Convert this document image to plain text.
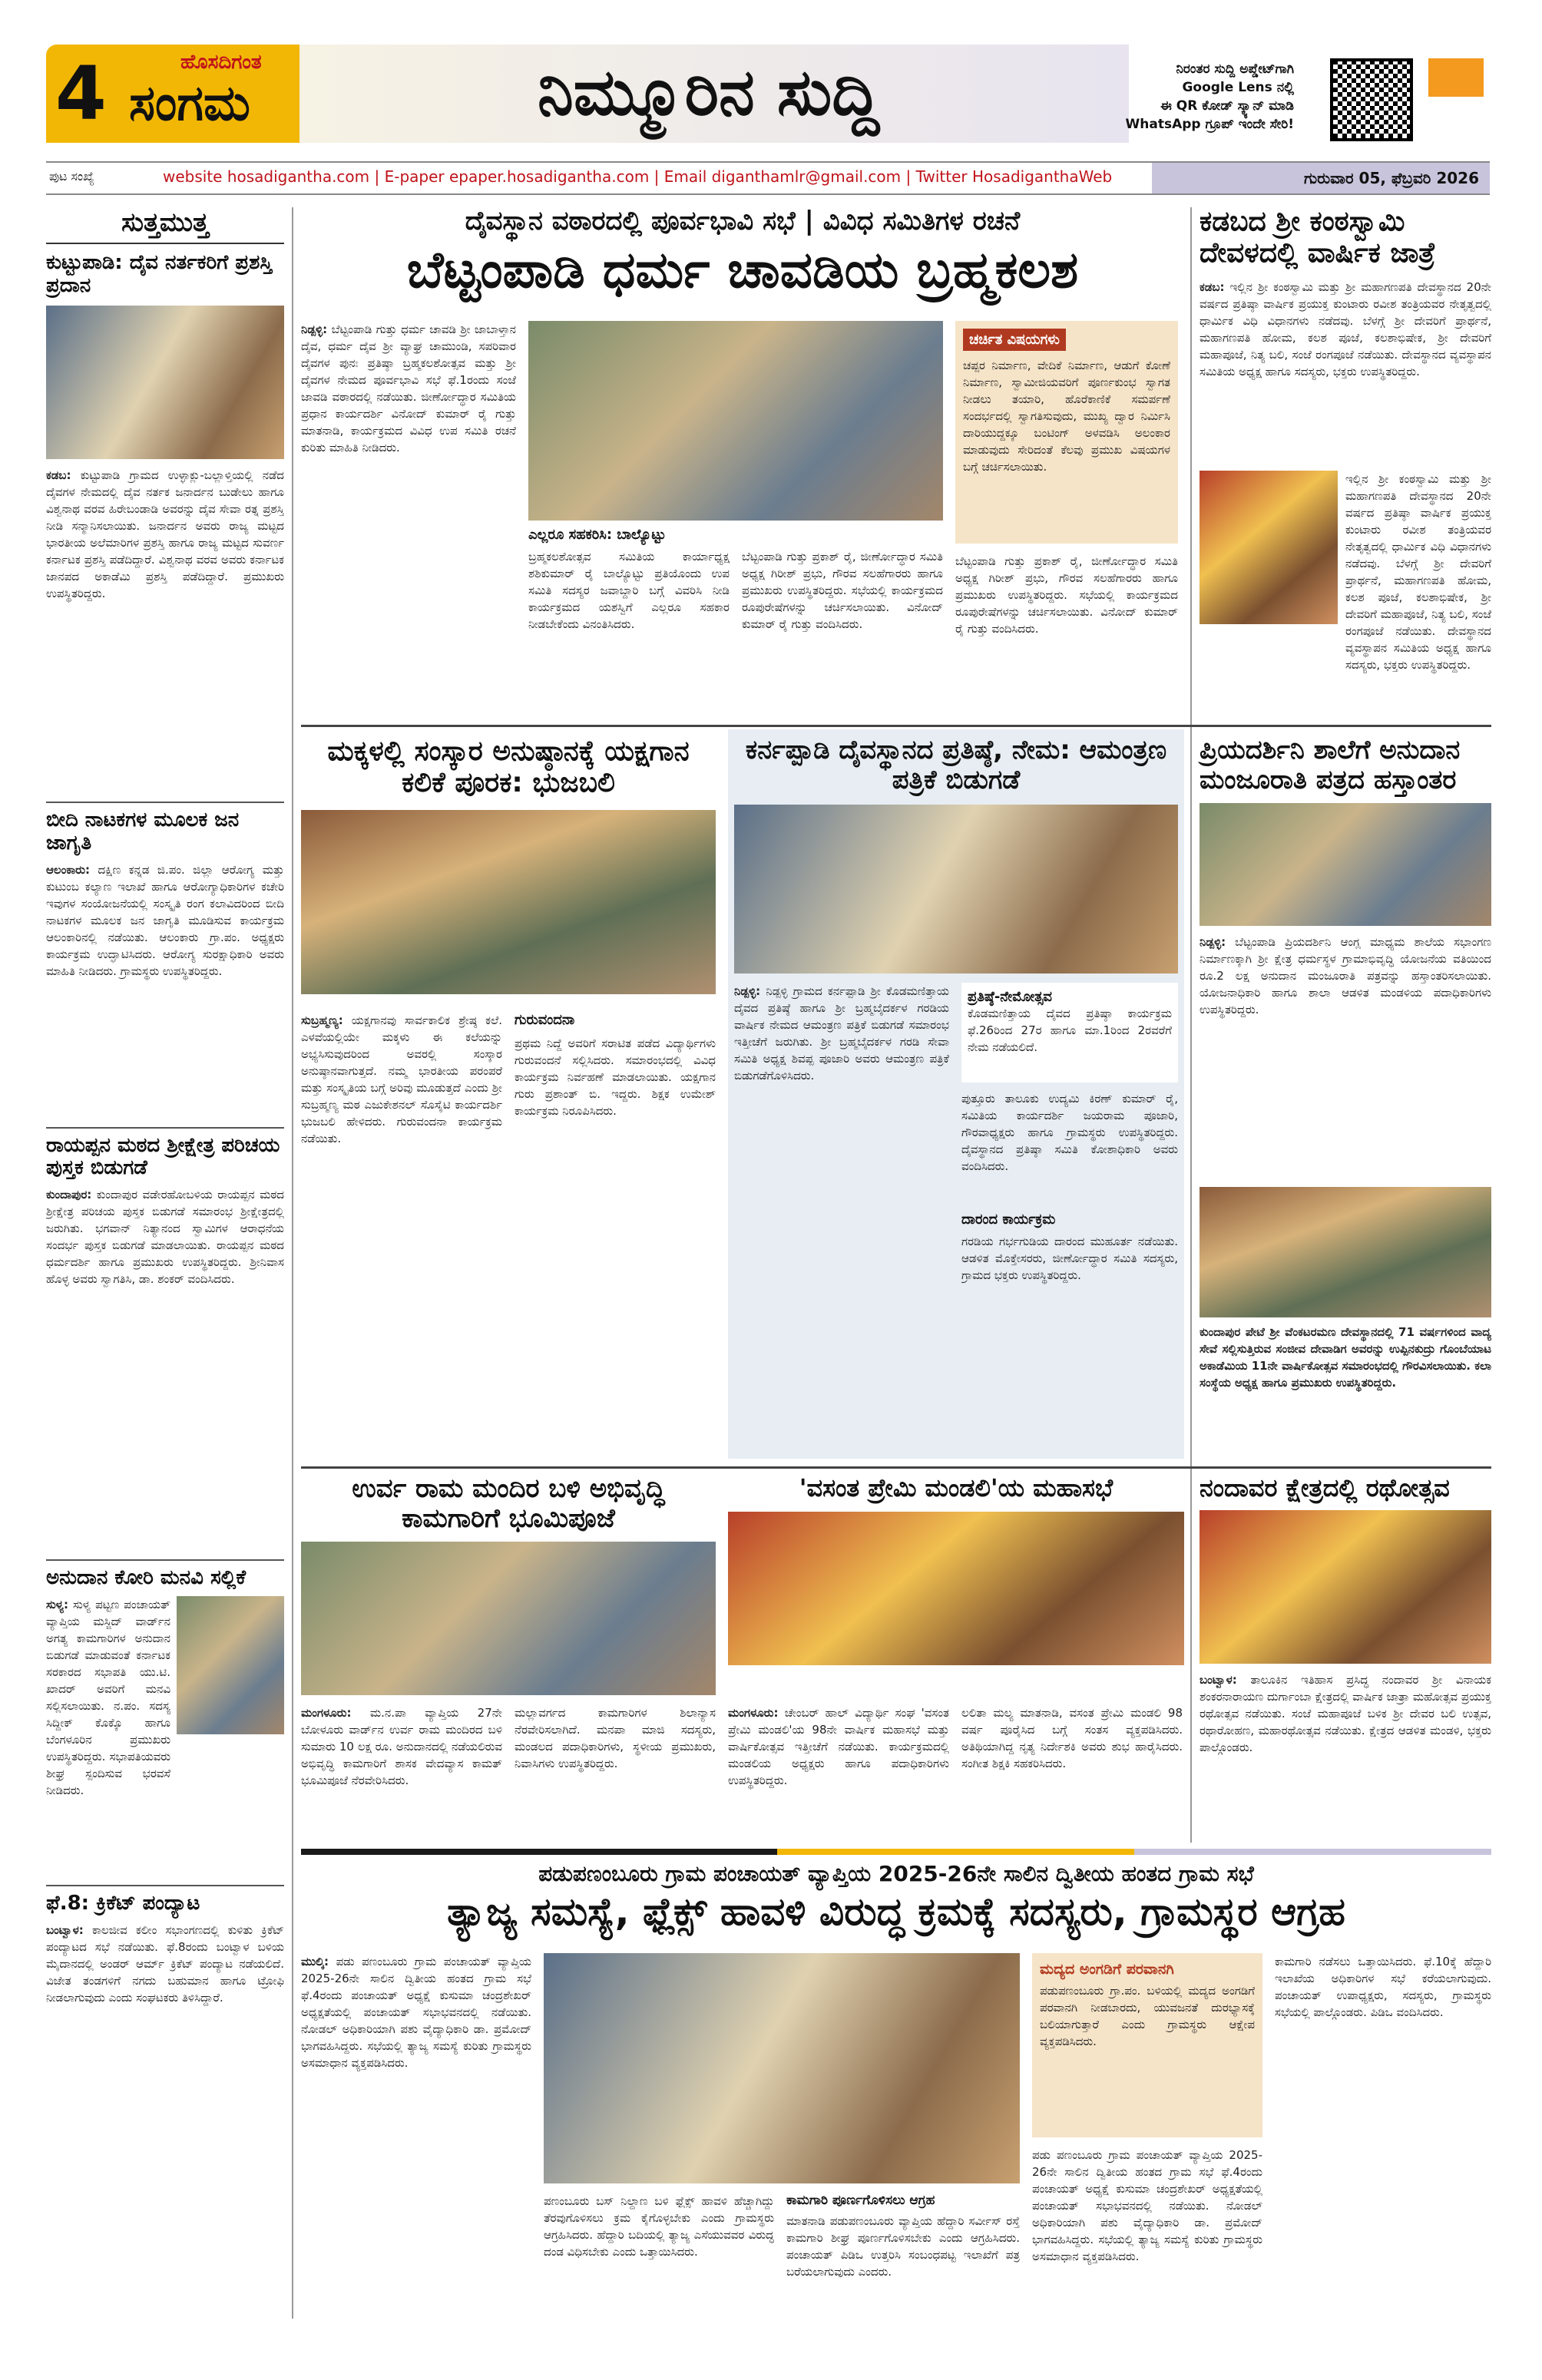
4	ಹೊಸದಿಗಂತ
ಸಂಗಮ	ನಿಮ್ಮೂರಿನ ಸುದ್ದಿ	ನಿರಂತರ ಸುದ್ದಿ ಅಪ್ಡೇಟ್‌ಗಾಗಿ
Google Lens ನಲ್ಲಿ
ಈ QR ಕೋಡ್ ಸ್ಕ್ಯಾನ್ ಮಾಡಿ
WhatsApp ಗ್ರೂಪ್ ಇಂದೇ ಸೇರಿ!
ಪುಟ ಸಂಖ್ಯೆ	website hosadigantha.com | E-paper epaper.hosadigantha.com | Email diganthamlr@gmail.com | Twitter HosadiganthaWeb	ಗುರುವಾರ 05, ಫೆಬ್ರವರಿ 2026
ಸುತ್ತಮುತ್ತ
ಕುಟ್ಟುಪಾಡಿ: ದೈವ ನರ್ತಕರಿಗೆ ಪ್ರಶಸ್ತಿ ಪ್ರದಾನ
ಕಡಬ: ಕುಟ್ಟುಪಾಡಿ ಗ್ರಾಮದ ಉಳ್ಳಾಕ್ಲು-ಬಲ್ಲಾಳ್ತಿಯಲ್ಲಿ ನಡೆದ ದೈವಗಳ ನೇಮದಲ್ಲಿ ದೈವ ನರ್ತಕ ಜನಾರ್ದನ ಬುಡೇಲು ಹಾಗೂ ವಿಶ್ವನಾಥ ವರವ ಹಿರೇಬಂಡಾಡಿ ಅವರನ್ನು ದೈವ ಸೇವಾ ರತ್ನ ಪ್ರಶಸ್ತಿ ನೀಡಿ ಸನ್ಮಾನಿಸಲಾಯಿತು. ಜನಾರ್ದನ ಅವರು ರಾಜ್ಯ ಮಟ್ಟದ ಭಾರತೀಯ ಅಲೆಮಾರಿಗಳ ಪ್ರಶಸ್ತಿ ಹಾಗೂ ರಾಜ್ಯ ಮಟ್ಟದ ಸುವರ್ಣ ಕರ್ನಾಟಕ ಪ್ರಶಸ್ತಿ ಪಡೆದಿದ್ದಾರೆ. ವಿಶ್ವನಾಥ ವರವ ಅವರು ಕರ್ನಾಟಕ ಜಾನಪದ ಅಕಾಡೆಮಿ ಪ್ರಶಸ್ತಿ ಪಡೆದಿದ್ದಾರೆ. ಪ್ರಮುಖರು ಉಪಸ್ಥಿತರಿದ್ದರು.
ಬೀದಿ ನಾಟಕಗಳ ಮೂಲಕ ಜನ ಜಾಗೃತಿ
ಆಲಂಕಾರು: ದಕ್ಷಿಣ ಕನ್ನಡ ಜಿ.ಪಂ. ಜಿಲ್ಲಾ ಆರೋಗ್ಯ ಮತ್ತು ಕುಟುಂಬ ಕಲ್ಯಾಣ ಇಲಾಖೆ ಹಾಗೂ ಆರೋಗ್ಯಾಧಿಕಾರಿಗಳ ಕಚೇರಿ ಇವುಗಳ ಸಂಯೋಜನೆಯಲ್ಲಿ ಸಂಸ್ಕೃತಿ ರಂಗ ಕಲಾವಿದರಿಂದ ಬೀದಿ ನಾಟಕಗಳ ಮೂಲಕ ಜನ ಜಾಗೃತಿ ಮೂಡಿಸುವ ಕಾರ್ಯಕ್ರಮ ಆಲಂಕಾರಿನಲ್ಲಿ ನಡೆಯಿತು. ಆಲಂಕಾರು ಗ್ರಾ.ಪಂ. ಅಧ್ಯಕ್ಷರು ಕಾರ್ಯಕ್ರಮ ಉದ್ಘಾಟಿಸಿದರು. ಆರೋಗ್ಯ ಸುರಕ್ಷಾಧಿಕಾರಿ ಅವರು ಮಾಹಿತಿ ನೀಡಿದರು. ಗ್ರಾಮಸ್ಥರು ಉಪಸ್ಥಿತರಿದ್ದರು.
ರಾಯಪ್ಪನ ಮಠದ ಶ್ರೀಕ್ಷೇತ್ರ ಪರಿಚಯ ಪುಸ್ತಕ ಬಿಡುಗಡೆ
ಕುಂದಾಪುರ: ಕುಂದಾಪುರ ವಡೇರಹೋಬಳಿಯ ರಾಯಪ್ಪನ ಮಠದ ಶ್ರೀಕ್ಷೇತ್ರ ಪರಿಚಯ ಪುಸ್ತಕ ಬಿಡುಗಡೆ ಸಮಾರಂಭ ಶ್ರೀಕ್ಷೇತ್ರದಲ್ಲಿ ಜರುಗಿತು. ಭಗವಾನ್ ನಿತ್ಯಾನಂದ ಸ್ವಾಮಿಗಳ ಆರಾಧನೆಯ ಸಂದರ್ಭ ಪುಸ್ತಕ ಬಿಡುಗಡೆ ಮಾಡಲಾಯಿತು. ರಾಯಪ್ಪನ ಮಠದ ಧರ್ಮದರ್ಶಿ ಹಾಗೂ ಪ್ರಮುಖರು ಉಪಸ್ಥಿತರಿದ್ದರು. ಶ್ರೀನಿವಾಸ ಹೊಳ್ಳ ಅವರು ಸ್ವಾಗತಿಸಿ, ಡಾ. ಶಂಕರ್ ವಂದಿಸಿದರು.
ಅನುದಾನ ಕೋರಿ ಮನವಿ ಸಲ್ಲಿಕೆ
ಸುಳ್ಯ: ಸುಳ್ಯ ಪಟ್ಟಣ ಪಂಚಾಯತ್ ವ್ಯಾಪ್ತಿಯ ಮಸ್ಜಿದ್ ವಾರ್ಡ್‌ನ ಅಗತ್ಯ ಕಾಮಗಾರಿಗಳ ಅನುದಾನ ಬಿಡುಗಡೆ ಮಾಡುವಂತೆ ಕರ್ನಾಟಕ ಸರಕಾರದ ಸಭಾಪತಿ ಯು.ಟಿ. ಖಾದರ್ ಅವರಿಗೆ ಮನವಿ ಸಲ್ಲಿಸಲಾಯಿತು. ನ.ಪಂ. ಸದಸ್ಯ ಸಿದ್ದೀಕ್ ಕೊಕ್ಕೊ ಹಾಗೂ ಬೆಂಗಳೂರಿನ ಪ್ರಮುಖರು ಉಪಸ್ಥಿತರಿದ್ದರು. ಸಭಾಪತಿಯವರು ಶೀಘ್ರ ಸ್ಪಂದಿಸುವ ಭರವಸೆ ನೀಡಿದರು.
ಫೆ.8: ಕ್ರಿಕೆಟ್ ಪಂದ್ಯಾಟ
ಬಂಟ್ವಾಳ: ಕಾಲಜೀವ ಕಲೀಂ ಸಭಾಂಗಣದಲ್ಲಿ ಕುಳಿತು ಕ್ರಿಕೆಟ್ ಪಂದ್ಯಾಟದ ಸಭೆ ನಡೆಯಿತು. ಫೆ.8ರಂದು ಬಂಟ್ವಾಳ ಬಳಿಯ ಮೈದಾನದಲ್ಲಿ ಅಂಡರ್ ಆರ್ಮ್ ಕ್ರಿಕೆಟ್ ಪಂದ್ಯಾಟ ನಡೆಯಲಿದೆ. ವಿಜೇತ ತಂಡಗಳಿಗೆ ನಗದು ಬಹುಮಾನ ಹಾಗೂ ಟ್ರೋಫಿ ನೀಡಲಾಗುವುದು ಎಂದು ಸಂಘಟಕರು ತಿಳಿಸಿದ್ದಾರೆ.
ದೈವಸ್ಥಾನ ವಠಾರದಲ್ಲಿ ಪೂರ್ವಭಾವಿ ಸಭೆ | ವಿವಿಧ ಸಮಿತಿಗಳ ರಚನೆ
ಬೆಟ್ಟಂಪಾಡಿ ಧರ್ಮ ಚಾವಡಿಯ ಬ್ರಹ್ಮಕಲಶ
ನಿಡ್ಪಳ್ಳಿ: ಬೆಟ್ಟಂಪಾಡಿ ಗುತ್ತು ಧರ್ಮ ಚಾವಡಿ ಶ್ರೀ ಜಾಬಾಳ್ತಾನ ದೈವ, ಧರ್ಮ ದೈವ ಶ್ರೀ ವ್ಯಾಘ್ರ ಚಾಮುಂಡಿ, ಸಪರಿವಾರ ದೈವಗಳ ಪುನಃ ಪ್ರತಿಷ್ಠಾ ಬ್ರಹ್ಮಕಲಶೋತ್ಸವ ಮತ್ತು ಶ್ರೀ ದೈವಗಳ ನೇಮದ ಪೂರ್ವಭಾವಿ ಸಭೆ ಫೆ.1ರಂದು ಸಂಜೆ ಜಾವಡಿ ವಠಾರದಲ್ಲಿ ನಡೆಯಿತು. ಜೀರ್ಣೋದ್ಧಾರ ಸಮಿತಿಯ ಪ್ರಧಾನ ಕಾರ್ಯದರ್ಶಿ ವಿನೋದ್ ಕುಮಾರ್ ರೈ ಗುತ್ತು ಮಾತನಾಡಿ, ಕಾರ್ಯಕ್ರಮದ ವಿವಿಧ ಉಪ ಸಮಿತಿ ರಚನೆ ಕುರಿತು ಮಾಹಿತಿ ನೀಡಿದರು.
ಎಲ್ಲರೂ ಸಹಕರಿಸಿ: ಬಾಲ್ಯೊಟ್ಟು
ಬ್ರಹ್ಮಕಲಶೋತ್ಸವ ಸಮಿತಿಯ ಕಾರ್ಯಾಧ್ಯಕ್ಷ ಶಶಿಕುಮಾರ್ ರೈ ಬಾಲ್ಯೊಟ್ಟು ಪ್ರತಿಯೊಂದು ಉಪ ಸಮಿತಿ ಸದಸ್ಯರ ಜವಾಬ್ದಾರಿ ಬಗ್ಗೆ ವಿವರಿಸಿ ನೀಡಿ ಕಾರ್ಯಕ್ರಮದ ಯಶಸ್ವಿಗೆ ಎಲ್ಲರೂ ಸಹಕಾರ ನೀಡಬೇಕೆಂದು ವಿನಂತಿಸಿದರು.
ಬೆಟ್ಟಂಪಾಡಿ ಗುತ್ತು ಪ್ರಕಾಶ್ ರೈ, ಜೀರ್ಣೋದ್ಧಾರ ಸಮಿತಿ ಅಧ್ಯಕ್ಷ ಗಿರೀಶ್ ಪ್ರಭು, ಗೌರವ ಸಲಹೆಗಾರರು ಹಾಗೂ ಪ್ರಮುಖರು ಉಪಸ್ಥಿತರಿದ್ದರು. ಸಭೆಯಲ್ಲಿ ಕಾರ್ಯಕ್ರಮದ ರೂಪುರೇಷೆಗಳನ್ನು ಚರ್ಚಿಸಲಾಯಿತು. ವಿನೋದ್ ಕುಮಾರ್ ರೈ ಗುತ್ತು ವಂದಿಸಿದರು.
ಚರ್ಚಿತ ವಿಷಯಗಳು
ಚಪ್ಪರ ನಿರ್ಮಾಣ, ವೇದಿಕೆ ನಿರ್ಮಾಣ, ಆಡುಗೆ ಕೋಣೆ ನಿರ್ಮಾಣ, ಸ್ವಾಮೀಜಿಯವರಿಗೆ ಪೂರ್ಣಕುಂಭ ಸ್ವಾಗತ ನೀಡಲು ತಯಾರಿ, ಹೊರೆಕಾಣಿಕೆ ಸಮರ್ಪಣೆ ಸಂದರ್ಭದಲ್ಲಿ ಸ್ವಾಗತಿಸುವುದು, ಮುಖ್ಯ ದ್ವಾರ ನಿರ್ಮಿಸಿ ದಾರಿಯುದ್ದಕ್ಕೂ ಬಂಟಿಂಗ್ ಅಳವಡಿಸಿ ಅಲಂಕಾರ ಮಾಡುವುದು ಸೇರಿದಂತೆ ಕೆಲವು ಪ್ರಮುಖ ವಿಷಯಗಳ ಬಗ್ಗೆ ಚರ್ಚಿಸಲಾಯಿತು.
ಬೆಟ್ಟಂಪಾಡಿ ಗುತ್ತು ಪ್ರಕಾಶ್ ರೈ, ಜೀರ್ಣೋದ್ಧಾರ ಸಮಿತಿ ಅಧ್ಯಕ್ಷ ಗಿರೀಶ್ ಪ್ರಭು, ಗೌರವ ಸಲಹೆಗಾರರು ಹಾಗೂ ಪ್ರಮುಖರು ಉಪಸ್ಥಿತರಿದ್ದರು. ಸಭೆಯಲ್ಲಿ ಕಾರ್ಯಕ್ರಮದ ರೂಪುರೇಷೆಗಳನ್ನು ಚರ್ಚಿಸಲಾಯಿತು. ವಿನೋದ್ ಕುಮಾರ್ ರೈ ಗುತ್ತು ವಂದಿಸಿದರು.
ಕಡಬದ ಶ್ರೀ ಕಂಠಸ್ವಾಮಿ ದೇವಳದಲ್ಲಿ ವಾರ್ಷಿಕ ಜಾತ್ರೆ
ಕಡಬ: ಇಲ್ಲಿನ ಶ್ರೀ ಕಂಠಸ್ವಾಮಿ ಮತ್ತು ಶ್ರೀ ಮಹಾಗಣಪತಿ ದೇವಸ್ಥಾನದ 20ನೇ ವರ್ಷದ ಪ್ರತಿಷ್ಠಾ ವಾರ್ಷಿಕ ಪ್ರಯುಕ್ತ ಕುಂಟಾರು ರವೀಶ ತಂತ್ರಿಯವರ ನೇತೃತ್ವದಲ್ಲಿ ಧಾರ್ಮಿಕ ವಿಧಿ ವಿಧಾನಗಳು ನಡೆದವು. ಬೆಳಗ್ಗೆ ಶ್ರೀ ದೇವರಿಗೆ ಪ್ರಾರ್ಥನೆ, ಮಹಾಗಣಪತಿ ಹೋಮ, ಕಲಶ ಪೂಜೆ, ಕಲಶಾಭಿಷೇಕ, ಶ್ರೀ ದೇವರಿಗೆ ಮಹಾಪೂಜೆ, ನಿತ್ಯ ಬಲಿ, ಸಂಜೆ ರಂಗಪೂಜೆ ನಡೆಯಿತು. ದೇವಸ್ಥಾನದ ವ್ಯವಸ್ಥಾಪನ ಸಮಿತಿಯ ಅಧ್ಯಕ್ಷ ಹಾಗೂ ಸದಸ್ಯರು, ಭಕ್ತರು ಉಪಸ್ಥಿತರಿದ್ದರು.
ಇಲ್ಲಿನ ಶ್ರೀ ಕಂಠಸ್ವಾಮಿ ಮತ್ತು ಶ್ರೀ ಮಹಾಗಣಪತಿ ದೇವಸ್ಥಾನದ 20ನೇ ವರ್ಷದ ಪ್ರತಿಷ್ಠಾ ವಾರ್ಷಿಕ ಪ್ರಯುಕ್ತ ಕುಂಟಾರು ರವೀಶ ತಂತ್ರಿಯವರ ನೇತೃತ್ವದಲ್ಲಿ ಧಾರ್ಮಿಕ ವಿಧಿ ವಿಧಾನಗಳು ನಡೆದವು. ಬೆಳಗ್ಗೆ ಶ್ರೀ ದೇವರಿಗೆ ಪ್ರಾರ್ಥನೆ, ಮಹಾಗಣಪತಿ ಹೋಮ, ಕಲಶ ಪೂಜೆ, ಕಲಶಾಭಿಷೇಕ, ಶ್ರೀ ದೇವರಿಗೆ ಮಹಾಪೂಜೆ, ನಿತ್ಯ ಬಲಿ, ಸಂಜೆ ರಂಗಪೂಜೆ ನಡೆಯಿತು. ದೇವಸ್ಥಾನದ ವ್ಯವಸ್ಥಾಪನ ಸಮಿತಿಯ ಅಧ್ಯಕ್ಷ ಹಾಗೂ ಸದಸ್ಯರು, ಭಕ್ತರು ಉಪಸ್ಥಿತರಿದ್ದರು.
ಮಕ್ಕಳಲ್ಲಿ ಸಂಸ್ಕಾರ ಅನುಷ್ಠಾನಕ್ಕೆ ಯಕ್ಷಗಾನ ಕಲಿಕೆ ಪೂರಕ: ಭುಜಬಲಿ
ಸುಬ್ರಹ್ಮಣ್ಯ: ಯಕ್ಷಗಾನವು ಸಾರ್ವಕಾಲಿಕ ಶ್ರೇಷ್ಠ ಕಲೆ. ಎಳವೆಯಲ್ಲಿಯೇ ಮಕ್ಕಳು ಈ ಕಲೆಯನ್ನು ಅಭ್ಯಸಿಸುವುದರಿಂದ ಅವರಲ್ಲಿ ಸಂಸ್ಕಾರ ಅನುಷ್ಠಾನವಾಗುತ್ತದೆ. ನಮ್ಮ ಭಾರತೀಯ ಪರಂಪರೆ ಮತ್ತು ಸಂಸ್ಕೃತಿಯ ಬಗ್ಗೆ ಅರಿವು ಮೂಡುತ್ತದೆ ಎಂದು ಶ್ರೀ ಸುಬ್ರಹ್ಮಣ್ಯ ಮಠ ಎಜುಕೇಶನಲ್ ಸೊಸೈಟಿ ಕಾರ್ಯದರ್ಶಿ ಭುಜಬಲಿ ಹೇಳಿದರು. ಗುರುವಂದನಾ ಕಾರ್ಯಕ್ರಮ ನಡೆಯಿತು.
ಗುರುವಂದನಾ
ಪ್ರಥಮ ನಿದ್ದೆ ಅವರಿಗೆ ಸರಾಟಿತ ಪಡೆದ ವಿದ್ಯಾರ್ಥಿಗಳು ಗುರುವಂದನೆ ಸಲ್ಲಿಸಿದರು. ಸಮಾರಂಭದಲ್ಲಿ ವಿವಿಧ ಕಾರ್ಯಕ್ರಮ ನಿರ್ವಹಣೆ ಮಾಡಲಾಯಿತು. ಯಕ್ಷಗಾನ ಗುರು ಪ್ರಶಾಂತ್ ಬಿ. ಇದ್ದರು. ಶಿಕ್ಷಕ ಉಮೇಶ್ ಕಾರ್ಯಕ್ರಮ ನಿರೂಪಿಸಿದರು.
ಕರ್ನಪ್ಪಾಡಿ ದೈವಸ್ಥಾನದ ಪ್ರತಿಷ್ಠೆ, ನೇಮ: ಆಮಂತ್ರಣ ಪತ್ರಿಕೆ ಬಿಡುಗಡೆ
ನಿಡ್ಪಳ್ಳಿ: ನಿಡ್ಪಳ್ಳಿ ಗ್ರಾಮದ ಕರ್ನಪ್ಪಾಡಿ ಶ್ರೀ ಕೊಡಮಣಿತ್ತಾಯ ದೈವದ ಪ್ರತಿಷ್ಠೆ ಹಾಗೂ ಶ್ರೀ ಬ್ರಹ್ಮಬೈದರ್ಕಳ ಗರಡಿಯ ವಾರ್ಷಿಕ ನೇಮದ ಆಮಂತ್ರಣ ಪತ್ರಿಕೆ ಬಿಡುಗಡೆ ಸಮಾರಂಭ ಇತ್ತೀಚೆಗೆ ಜರುಗಿತು. ಶ್ರೀ ಬ್ರಹ್ಮಬೈದರ್ಕಳ ಗರಡಿ ಸೇವಾ ಸಮಿತಿ ಅಧ್ಯಕ್ಷ ಶಿವಪ್ಪ ಪೂಜಾರಿ ಅವರು ಆಮಂತ್ರಣ ಪತ್ರಿಕೆ ಬಿಡುಗಡೆಗೊಳಿಸಿದರು.
ಪ್ರತಿಷ್ಠೆ-ನೇಮೋತ್ಸವ
ಕೊಡಮಣಿತ್ತಾಯ ದೈವದ ಪ್ರತಿಷ್ಠಾ ಕಾರ್ಯಕ್ರಮ ಫೆ.26ರಿಂದ 27ರ ಹಾಗೂ ಮಾ.1ರಿಂದ 2ರವರೆಗೆ ನೇಮ ನಡೆಯಲಿದೆ.
ಪುತ್ತೂರು ತಾಲೂಕು ಉದ್ಯಮಿ ಕಿರಣ್ ಕುಮಾರ್ ರೈ, ಸಮಿತಿಯ ಕಾರ್ಯದರ್ಶಿ ಜಯರಾಮ ಪೂಜಾರಿ, ಗೌರವಾಧ್ಯಕ್ಷರು ಹಾಗೂ ಗ್ರಾಮಸ್ಥರು ಉಪಸ್ಥಿತರಿದ್ದರು. ದೈವಸ್ಥಾನದ ಪ್ರತಿಷ್ಠಾ ಸಮಿತಿ ಕೋಶಾಧಿಕಾರಿ ಅವರು ವಂದಿಸಿದರು.
ದಾರಂದ ಕಾರ್ಯಕ್ರಮ
ಗರಡಿಯ ಗರ್ಭಗುಡಿಯ ದಾರಂದ ಮುಹೂರ್ತ ನಡೆಯಿತು. ಆಡಳಿತ ಮೊಕ್ತೇಸರರು, ಜೀರ್ಣೋದ್ಧಾರ ಸಮಿತಿ ಸದಸ್ಯರು, ಗ್ರಾಮದ ಭಕ್ತರು ಉಪಸ್ಥಿತರಿದ್ದರು.
ಪ್ರಿಯದರ್ಶಿನಿ ಶಾಲೆಗೆ ಅನುದಾನ ಮಂಜೂರಾತಿ ಪತ್ರದ ಹಸ್ತಾಂತರ
ನಿಡ್ಪಳ್ಳಿ: ಬೆಟ್ಟಂಪಾಡಿ ಪ್ರಿಯದರ್ಶಿನಿ ಆಂಗ್ಲ ಮಾಧ್ಯಮ ಶಾಲೆಯ ಸಭಾಂಗಣ ನಿರ್ಮಾಣಕ್ಕಾಗಿ ಶ್ರೀ ಕ್ಷೇತ್ರ ಧರ್ಮಸ್ಥಳ ಗ್ರಾಮಾಭಿವೃದ್ಧಿ ಯೋಜನೆಯ ವತಿಯಿಂದ ರೂ.2 ಲಕ್ಷ ಅನುದಾನ ಮಂಜೂರಾತಿ ಪತ್ರವನ್ನು ಹಸ್ತಾಂತರಿಸಲಾಯಿತು. ಯೋಜನಾಧಿಕಾರಿ ಹಾಗೂ ಶಾಲಾ ಆಡಳಿತ ಮಂಡಳಿಯ ಪದಾಧಿಕಾರಿಗಳು ಉಪಸ್ಥಿತರಿದ್ದರು.
ಕುಂದಾಪುರ ಪೇಟೆ ಶ್ರೀ ವೆಂಕಟರಮಣ ದೇವಸ್ಥಾನದಲ್ಲಿ 71 ವರ್ಷಗಳಿಂದ ವಾದ್ಯ ಸೇವೆ ಸಲ್ಲಿಸುತ್ತಿರುವ ಸಂಜೀವ ದೇವಾಡಿಗ ಅವರನ್ನು ಉಪ್ಪಿನಕುದ್ರು ಗೊಂಬೆಯಾಟ ಅಕಾಡೆಮಿಯ 11ನೇ ವಾರ್ಷಿಕೋತ್ಸವ ಸಮಾರಂಭದಲ್ಲಿ ಗೌರವಿಸಲಾಯಿತು. ಕಲಾ ಸಂಸ್ಥೆಯ ಅಧ್ಯಕ್ಷ ಹಾಗೂ ಪ್ರಮುಖರು ಉಪಸ್ಥಿತರಿದ್ದರು.
ಉರ್ವ ರಾಮ ಮಂದಿರ ಬಳಿ ಅಭಿವೃದ್ಧಿ ಕಾಮಗಾರಿಗೆ ಭೂಮಿಪೂಜೆ
ಮಂಗಳೂರು: ಮ.ನ.ಪಾ ವ್ಯಾಪ್ತಿಯ 27ನೇ ಬೋಳೂರು ವಾರ್ಡ್‌ನ ಉರ್ವ ರಾಮ ಮಂದಿರದ ಬಳಿ ಸುಮಾರು 10 ಲಕ್ಷ ರೂ. ಅನುದಾನದಲ್ಲಿ ನಡೆಯಲಿರುವ ಅಭಿವೃದ್ಧಿ ಕಾಮಗಾರಿಗೆ ಶಾಸಕ ವೇದವ್ಯಾಸ ಕಾಮತ್ ಭೂಮಿಪೂಜೆ ನೆರವೇರಿಸಿದರು.
ಮಲ್ಲಾವರ್ಗದ ಕಾಮಗಾರಿಗಳ ಶಿಲಾನ್ಯಾಸ ನೆರವೇರಿಸಲಾಗಿದೆ. ಮನಪಾ ಮಾಜಿ ಸದಸ್ಯರು, ಮಂಡಲದ ಪದಾಧಿಕಾರಿಗಳು, ಸ್ಥಳೀಯ ಪ್ರಮುಖರು, ನಿವಾಸಿಗಳು ಉಪಸ್ಥಿತರಿದ್ದರು.
'ವಸಂತ ಪ್ರೇಮಿ ಮಂಡಲಿ'ಯ ಮಹಾಸಭೆ
ಮಂಗಳೂರು: ಚೇಂಬರ್ ಹಾಲ್ ವಿದ್ಯಾರ್ಥಿ ಸಂಘ 'ವಸಂತ ಪ್ರೇಮಿ ಮಂಡಲಿ'ಯ 98ನೇ ವಾರ್ಷಿಕ ಮಹಾಸಭೆ ಮತ್ತು ವಾರ್ಷಿಕೋತ್ಸವ ಇತ್ತೀಚೆಗೆ ನಡೆಯಿತು. ಕಾರ್ಯಕ್ರಮದಲ್ಲಿ ಮಂಡಲಿಯ ಅಧ್ಯಕ್ಷರು ಹಾಗೂ ಪದಾಧಿಕಾರಿಗಳು ಉಪಸ್ಥಿತರಿದ್ದರು.
ಲಲಿತಾ ಮಲ್ಯ ಮಾತನಾಡಿ, ವಸಂತ ಪ್ರೇಮಿ ಮಂಡಲಿ 98 ವರ್ಷ ಪೂರೈಸಿದ ಬಗ್ಗೆ ಸಂತಸ ವ್ಯಕ್ತಪಡಿಸಿದರು. ಅತಿಥಿಯಾಗಿದ್ದ ನೃತ್ಯ ನಿರ್ದೇಶಕಿ ಅವರು ಶುಭ ಹಾರೈಸಿದರು. ಸಂಗೀತ ಶಿಕ್ಷಕಿ ಸಹಕರಿಸಿದರು.
ನಂದಾವರ ಕ್ಷೇತ್ರದಲ್ಲಿ ರಥೋತ್ಸವ
ಬಂಟ್ವಾಳ: ತಾಲೂಕಿನ ಇತಿಹಾಸ ಪ್ರಸಿದ್ಧ ನಂದಾವರ ಶ್ರೀ ವಿನಾಯಕ ಶಂಕರನಾರಾಯಣ ದುರ್ಗಾಂಬಾ ಕ್ಷೇತ್ರದಲ್ಲಿ ವಾರ್ಷಿಕ ಜಾತ್ರಾ ಮಹೋತ್ಸವ ಪ್ರಯುಕ್ತ ರಥೋತ್ಸವ ನಡೆಯಿತು. ಸಂಜೆ ಮಹಾಪೂಜೆ ಬಳಿಕ ಶ್ರೀ ದೇವರ ಬಲಿ ಉತ್ಸವ, ರಥಾರೋಹಣ, ಮಹಾರಥೋತ್ಸವ ನಡೆಯಿತು. ಕ್ಷೇತ್ರದ ಆಡಳಿತ ಮಂಡಳಿ, ಭಕ್ತರು ಪಾಲ್ಗೊಂಡರು.
ಪಡುಪಣಂಬೂರು ಗ್ರಾಮ ಪಂಚಾಯತ್ ವ್ಯಾಪ್ತಿಯ 2025-26ನೇ ಸಾಲಿನ ದ್ವಿತೀಯ ಹಂತದ ಗ್ರಾಮ ಸಭೆ
ತ್ಯಾಜ್ಯ ಸಮಸ್ಯೆ, ಫ್ಲೆಕ್ಸ್ ಹಾವಳಿ ವಿರುದ್ಧ ಕ್ರಮಕ್ಕೆ ಸದಸ್ಯರು, ಗ್ರಾಮಸ್ಥರ ಆಗ್ರಹ
ಮುಲ್ಕಿ: ಪಡು ಪಣಂಬೂರು ಗ್ರಾಮ ಪಂಚಾಯತ್ ವ್ಯಾಪ್ತಿಯ 2025-26ನೇ ಸಾಲಿನ ದ್ವಿತೀಯ ಹಂತದ ಗ್ರಾಮ ಸಭೆ ಫೆ.4ರಂದು ಪಂಚಾಯತ್ ಅಧ್ಯಕ್ಷೆ ಕುಸುಮಾ ಚಂದ್ರಶೇಖರ್ ಅಧ್ಯಕ್ಷತೆಯಲ್ಲಿ ಪಂಚಾಯತ್ ಸಭಾಭವನದಲ್ಲಿ ನಡೆಯಿತು. ನೋಡಲ್ ಅಧಿಕಾರಿಯಾಗಿ ಪಶು ವೈದ್ಯಾಧಿಕಾರಿ ಡಾ. ಪ್ರಮೋದ್ ಭಾಗವಹಿಸಿದ್ದರು. ಸಭೆಯಲ್ಲಿ ತ್ಯಾಜ್ಯ ಸಮಸ್ಯೆ ಕುರಿತು ಗ್ರಾಮಸ್ಥರು ಅಸಮಾಧಾನ ವ್ಯಕ್ತಪಡಿಸಿದರು.
ಪಣಂಬೂರು ಬಸ್ ನಿಲ್ದಾಣ ಬಳಿ ಫ್ಲೆಕ್ಸ್ ಹಾವಳಿ ಹೆಚ್ಚಾಗಿದ್ದು ತೆರವುಗೊಳಿಸಲು ಕ್ರಮ ಕೈಗೊಳ್ಳಬೇಕು ಎಂದು ಗ್ರಾಮಸ್ಥರು ಆಗ್ರಹಿಸಿದರು. ಹೆದ್ದಾರಿ ಬದಿಯಲ್ಲಿ ತ್ಯಾಜ್ಯ ಎಸೆಯುವವರ ವಿರುದ್ಧ ದಂಡ ವಿಧಿಸಬೇಕು ಎಂದು ಒತ್ತಾಯಿಸಿದರು.
ಕಾಮಗಾರಿ ಪೂರ್ಣಗೊಳಿಸಲು ಆಗ್ರಹ
ಮಾತನಾಡಿ ಪಡುಪಣಂಬೂರು ವ್ಯಾಪ್ತಿಯ ಹೆದ್ದಾರಿ ಸರ್ವೀಸ್ ರಸ್ತೆ ಕಾಮಗಾರಿ ಶೀಘ್ರ ಪೂರ್ಣಗೊಳಿಸಬೇಕು ಎಂದು ಆಗ್ರಹಿಸಿದರು. ಪಂಚಾಯತ್ ಪಿಡಿಒ ಉತ್ತರಿಸಿ ಸಂಬಂಧಪಟ್ಟ ಇಲಾಖೆಗೆ ಪತ್ರ ಬರೆಯಲಾಗುವುದು ಎಂದರು.
ಮದ್ಯದ ಅಂಗಡಿಗೆ ಪರವಾನಗಿ
ಪಡುಪಣಂಬೂರು ಗ್ರಾ.ಪಂ. ಬಳಿಯಲ್ಲಿ ಮದ್ಯದ ಅಂಗಡಿಗೆ ಪರವಾನಗಿ ನೀಡಬಾರದು, ಯುವಜನತೆ ದುರಭ್ಯಾಸಕ್ಕೆ ಬಲಿಯಾಗುತ್ತಾರೆ ಎಂದು ಗ್ರಾಮಸ್ಥರು ಆಕ್ಷೇಪ ವ್ಯಕ್ತಪಡಿಸಿದರು.
ಪಡು ಪಣಂಬೂರು ಗ್ರಾಮ ಪಂಚಾಯತ್ ವ್ಯಾಪ್ತಿಯ 2025-26ನೇ ಸಾಲಿನ ದ್ವಿತೀಯ ಹಂತದ ಗ್ರಾಮ ಸಭೆ ಫೆ.4ರಂದು ಪಂಚಾಯತ್ ಅಧ್ಯಕ್ಷೆ ಕುಸುಮಾ ಚಂದ್ರಶೇಖರ್ ಅಧ್ಯಕ್ಷತೆಯಲ್ಲಿ ಪಂಚಾಯತ್ ಸಭಾಭವನದಲ್ಲಿ ನಡೆಯಿತು. ನೋಡಲ್ ಅಧಿಕಾರಿಯಾಗಿ ಪಶು ವೈದ್ಯಾಧಿಕಾರಿ ಡಾ. ಪ್ರಮೋದ್ ಭಾಗವಹಿಸಿದ್ದರು. ಸಭೆಯಲ್ಲಿ ತ್ಯಾಜ್ಯ ಸಮಸ್ಯೆ ಕುರಿತು ಗ್ರಾಮಸ್ಥರು ಅಸಮಾಧಾನ ವ್ಯಕ್ತಪಡಿಸಿದರು.
ಕಾಮಗಾರಿ ನಡೆಸಲು ಒತ್ತಾಯಿಸಿದರು. ಫೆ.10ಕ್ಕೆ ಹೆದ್ದಾರಿ ಇಲಾಖೆಯ ಅಧಿಕಾರಿಗಳ ಸಭೆ ಕರೆಯಲಾಗುವುದು. ಪಂಚಾಯತ್ ಉಪಾಧ್ಯಕ್ಷರು, ಸದಸ್ಯರು, ಗ್ರಾಮಸ್ಥರು ಸಭೆಯಲ್ಲಿ ಪಾಲ್ಗೊಂಡರು. ಪಿಡಿಒ ವಂದಿಸಿದರು.
